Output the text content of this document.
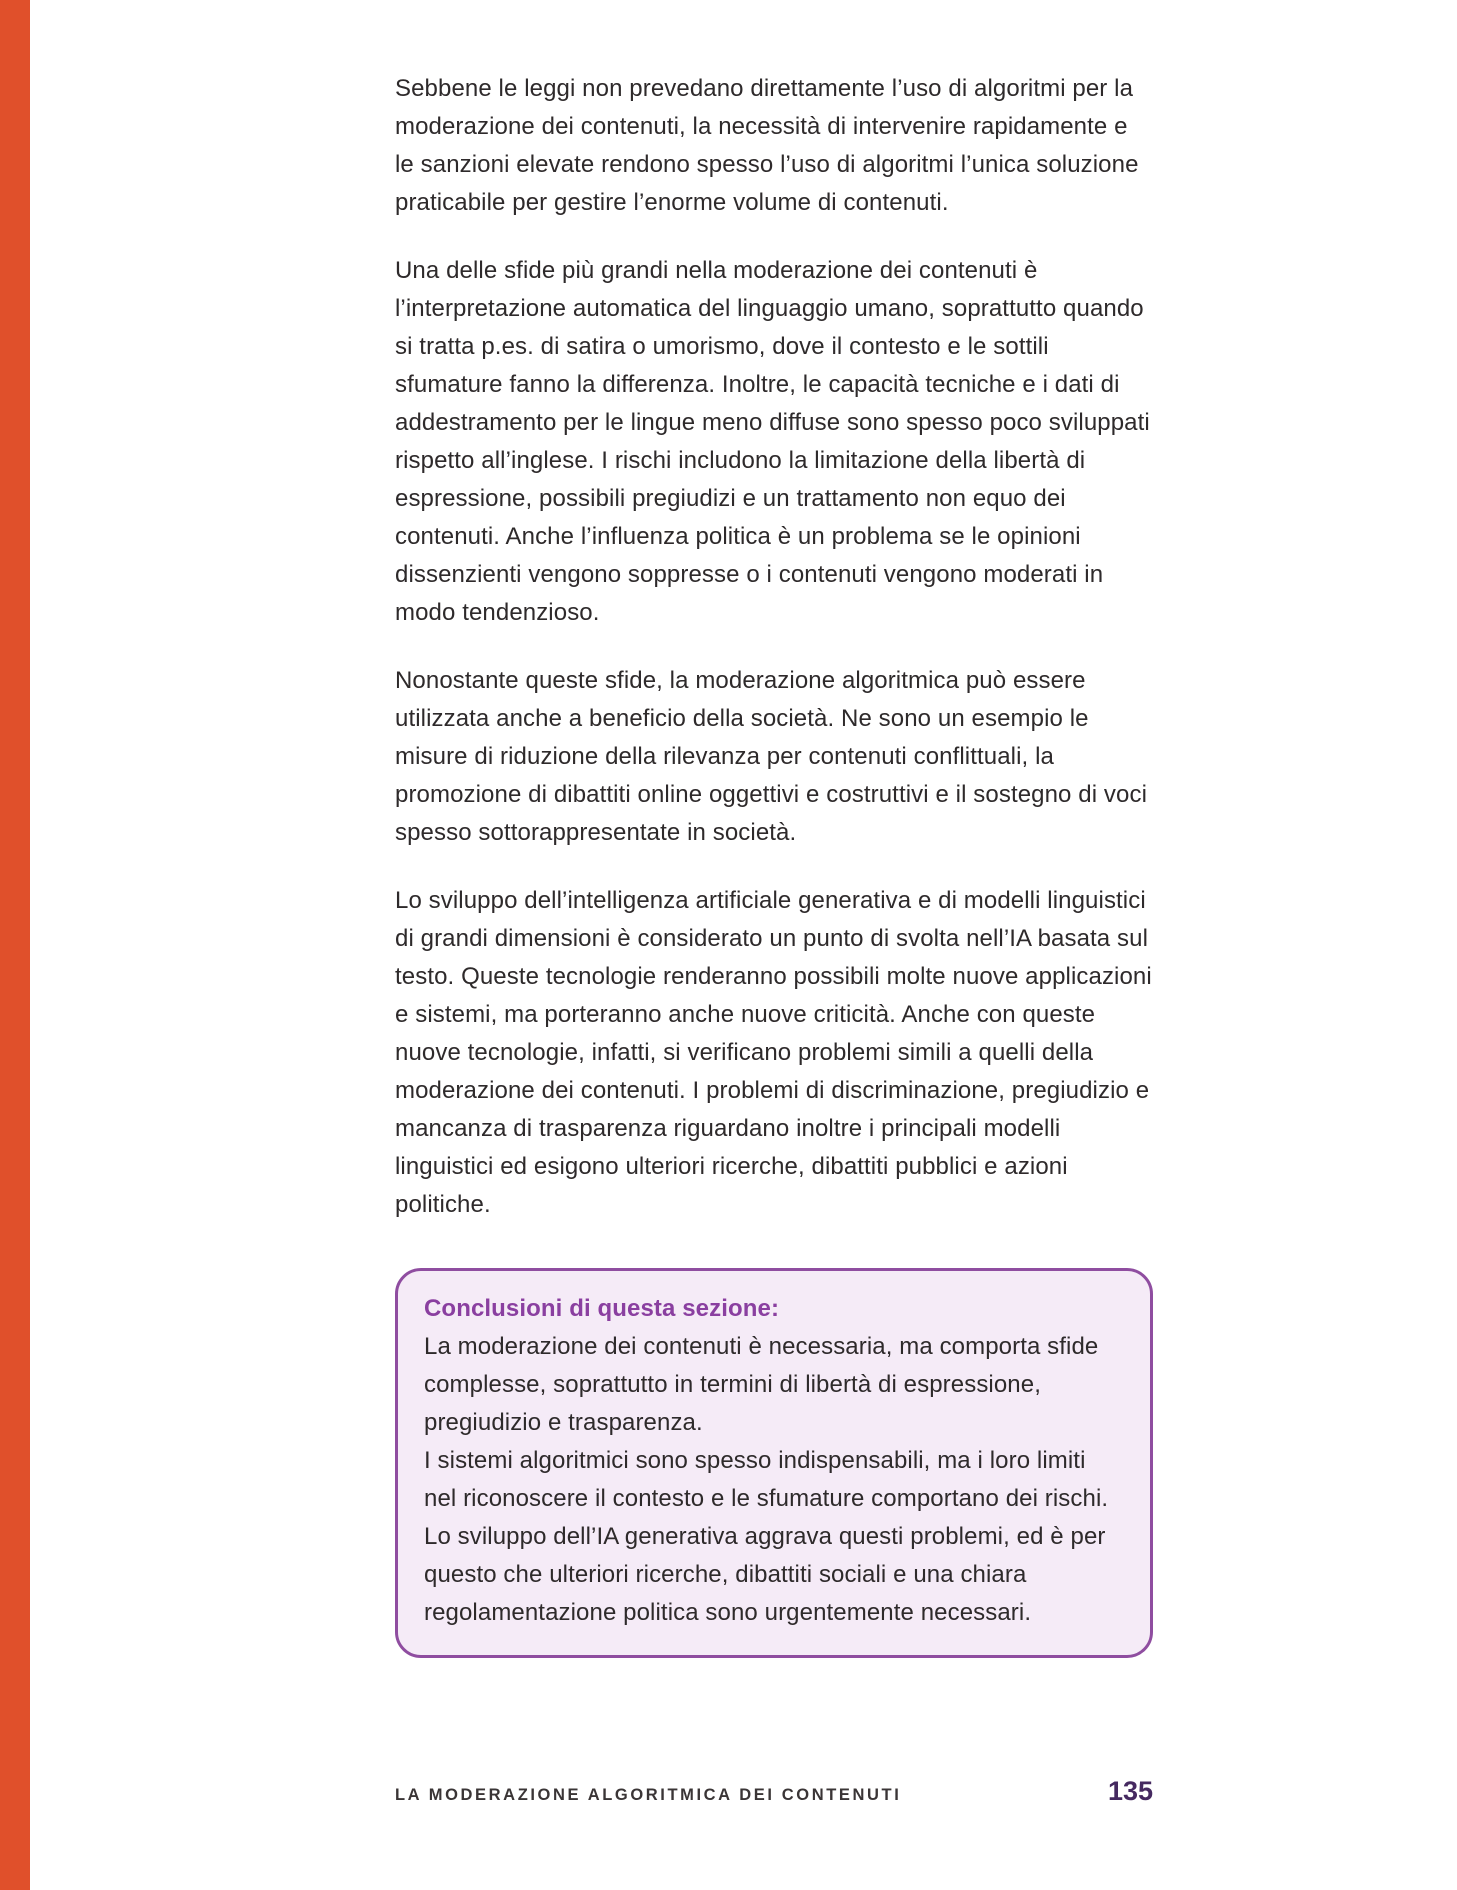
Sebbene le leggi non prevedano direttamente l’uso di algoritmi per la moderazione dei contenuti, la necessità di intervenire rapidamente e le sanzioni elevate rendono spesso l’uso di algoritmi l’unica soluzione praticabile per gestire l’enorme volume di contenuti.

Una delle sfide più grandi nella moderazione dei contenuti è l’interpretazione automatica del linguaggio umano, soprattutto quando si tratta p.es. di satira o umorismo, dove il contesto e le sottili sfumature fanno la differenza. Inoltre, le capacità tecniche e i dati di addestramento per le lingue meno diffuse sono spesso poco sviluppati rispetto all’inglese. I rischi includono la limitazione della libertà di espressione, possibili pregiudizi e un trattamento non equo dei contenuti. Anche l’influenza politica è un problema se le opinioni dissenzienti vengono soppresse o i contenuti vengono moderati in modo tendenzioso.

Nonostante queste sfide, la moderazione algoritmica può essere utilizzata anche a beneficio della società. Ne sono un esempio le misure di riduzione della rilevanza per contenuti conflittuali, la promozione di dibattiti online oggettivi e costruttivi e il sostegno di voci spesso sottorappresentate in società.

Lo sviluppo dell’intelligenza artificiale generativa e di modelli linguistici di grandi dimensioni è considerato un punto di svolta nell’IA basata sul testo. Queste tecnologie renderanno possibili molte nuove applicazioni e sistemi, ma porteranno anche nuove criticità. Anche con queste nuove tecnologie, infatti, si verificano problemi simili a quelli della moderazione dei contenuti. I problemi di discriminazione, pregiudizio e mancanza di trasparenza riguardano inoltre i principali modelli linguistici ed esigono ulteriori ricerche, dibattiti pubblici e azioni politiche.

Conclusioni di questa sezione:

La moderazione dei contenuti è necessaria, ma comporta sfide complesse, soprattutto in termini di libertà di espressione, pregiudizio e trasparenza.

I sistemi algoritmici sono spesso indispensabili, ma i loro limiti nel riconoscere il contesto e le sfumature comportano dei rischi.

Lo sviluppo dell’IA generativa aggrava questi problemi, ed è per questo che ulteriori ricerche, dibattiti sociali e una chiara regolamentazione politica sono urgentemente necessari.

LA MODERAZIONE ALGORITMICA DEI CONTENUTI	135
